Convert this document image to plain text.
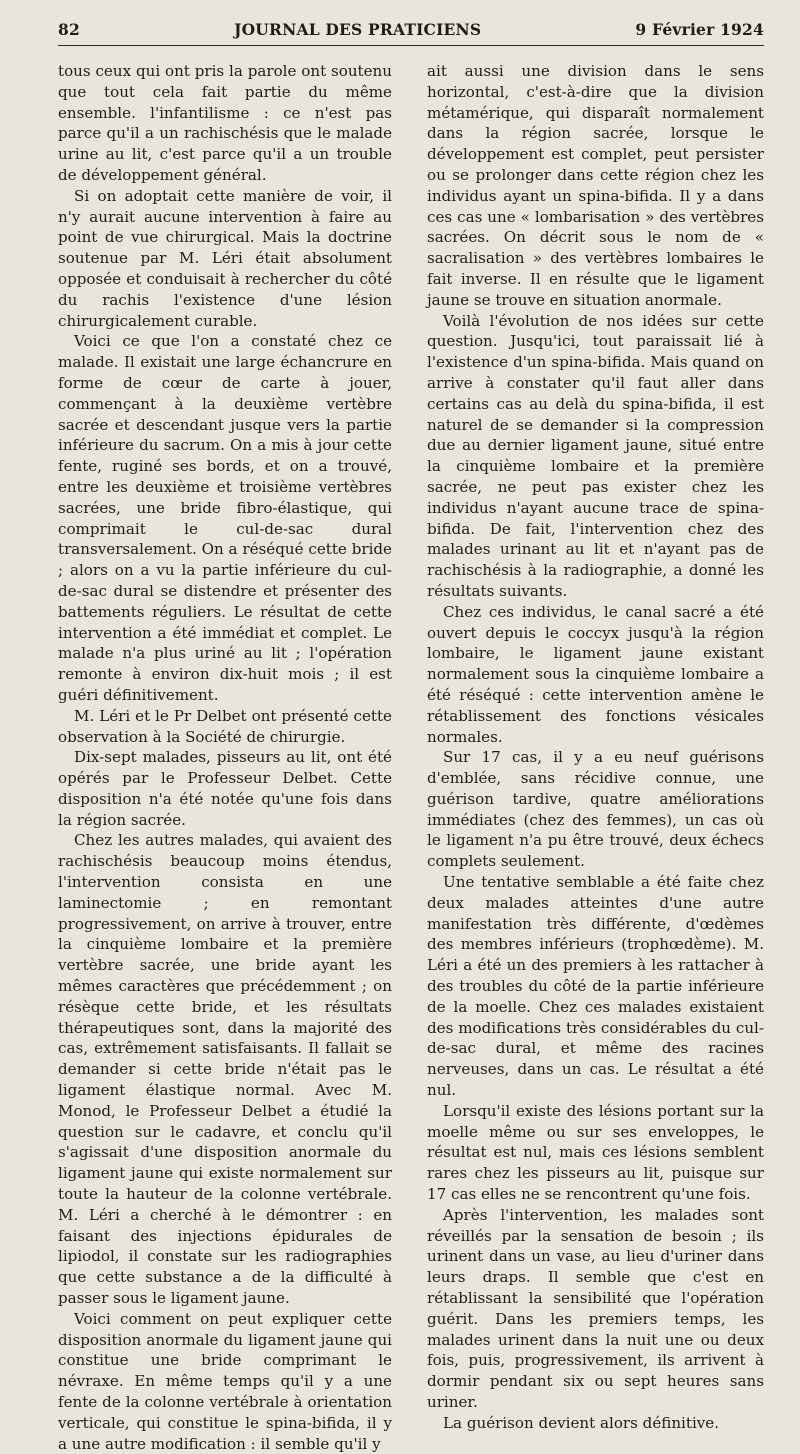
82	JOURNAL DES PRATICIENS	9 Février 1924

tous ceux qui ont pris la parole ont soutenu que tout cela fait partie du même ensemble. l'infantilisme : ce n'est pas parce qu'il a un rachischésis que le malade urine au lit, c'est parce qu'il a un trouble de développement général.

Si on adoptait cette manière de voir, il n'y aurait aucune intervention à faire au point de vue chirurgical. Mais la doctrine soutenue par M. Léri était absolument opposée et conduisait à rechercher du côté du rachis l'existence d'une lésion chirurgicalement curable.

Voici ce que l'on a constaté chez ce malade. Il existait une large échancrure en forme de cœur de carte à jouer, commençant à la deuxième vertèbre sacrée et descendant jusque vers la partie inférieure du sacrum. On a mis à jour cette fente, ruginé ses bords, et on a trouvé, entre les deuxième et troisième vertèbres sacrées, une bride fibro-élastique, qui comprimait le cul-de-sac dural transversalement. On a réséqué cette bride ; alors on a vu la partie inférieure du cul-de-sac dural se distendre et présenter des battements réguliers. Le résultat de cette intervention a été immédiat et complet. Le malade n'a plus uriné au lit ; l'opération remonte à environ dix-huit mois ; il est guéri définitivement.

M. Léri et le Pr Delbet ont présenté cette observation à la Société de chirurgie.

Dix-sept malades, pisseurs au lit, ont été opérés par le Professeur Delbet. Cette disposition n'a été notée qu'une fois dans la région sacrée.

Chez les autres malades, qui avaient des rachischésis beaucoup moins étendus, l'intervention consista en une laminectomie ; en remontant progressivement, on arrive à trouver, entre la cinquième lombaire et la première vertèbre sacrée, une bride ayant les mêmes caractères que précédemment ; on résèque cette bride, et les résultats thérapeutiques sont, dans la majorité des cas, extrêmement satisfaisants. Il fallait se demander si cette bride n'était pas le ligament élastique normal. Avec M. Monod, le Professeur Delbet a étudié la question sur le cadavre, et conclu qu'il s'agissait d'une disposition anormale du ligament jaune qui existe normalement sur toute la hauteur de la colonne vertébrale. M. Léri a cherché à le démontrer : en faisant des injections épidurales de lipiodol, il constate sur les radiographies que cette substance a de la difficulté à passer sous le ligament jaune.

Voici comment on peut expliquer cette disposition anormale du ligament jaune qui constitue une bride comprimant le névraxe. En même temps qu'il y a une fente de la colonne vertébrale à orientation verticale, qui constitue le spina-bifida, il y a une autre modification : il semble qu'il y

ait aussi une division dans le sens horizontal, c'est-à-dire que la division métamérique, qui disparaît normalement dans la région sacrée, lorsque le développement est complet, peut persister ou se prolonger dans cette région chez les individus ayant un spina-bifida. Il y a dans ces cas une « lombarisation » des vertèbres sacrées. On décrit sous le nom de « sacralisation » des vertèbres lombaires le fait inverse. Il en résulte que le ligament jaune se trouve en situation anormale.

Voilà l'évolution de nos idées sur cette question. Jusqu'ici, tout paraissait lié à l'existence d'un spina-bifida. Mais quand on arrive à constater qu'il faut aller dans certains cas au delà du spina-bifida, il est naturel de se demander si la compression due au dernier ligament jaune, situé entre la cinquième lombaire et la première sacrée, ne peut pas exister chez les individus n'ayant aucune trace de spina-bifida. De fait, l'intervention chez des malades urinant au lit et n'ayant pas de rachischésis à la radiographie, a donné les résultats suivants.

Chez ces individus, le canal sacré a été ouvert depuis le coccyx jusqu'à la région lombaire, le ligament jaune existant normalement sous la cinquième lombaire a été réséqué : cette intervention amène le rétablissement des fonctions vésicales normales.

Sur 17 cas, il y a eu neuf guérisons d'emblée, sans récidive connue, une guérison tardive, quatre améliorations immédiates (chez des femmes), un cas où le ligament n'a pu être trouvé, deux échecs complets seulement.

Une tentative semblable a été faite chez deux malades atteintes d'une autre manifestation très différente, d'œdèmes des membres inférieurs (trophœdème). M. Léri a été un des premiers à les rattacher à des troubles du côté de la partie inférieure de la moelle. Chez ces malades existaient des modifications très considérables du cul-de-sac dural, et même des racines nerveuses, dans un cas. Le résultat a été nul.

Lorsqu'il existe des lésions portant sur la moelle même ou sur ses enveloppes, le résultat est nul, mais ces lésions semblent rares chez les pisseurs au lit, puisque sur 17 cas elles ne se rencontrent qu'une fois.

Après l'intervention, les malades sont réveillés par la sensation de besoin ; ils urinent dans un vase, au lieu d'uriner dans leurs draps. Il semble que c'est en rétablissant la sensibilité que l'opération guérit. Dans les premiers temps, les malades urinent dans la nuit une ou deux fois, puis, progressivement, ils arrivent à dormir pendant six ou sept heures sans uriner.

La guérison devient alors définitive.
